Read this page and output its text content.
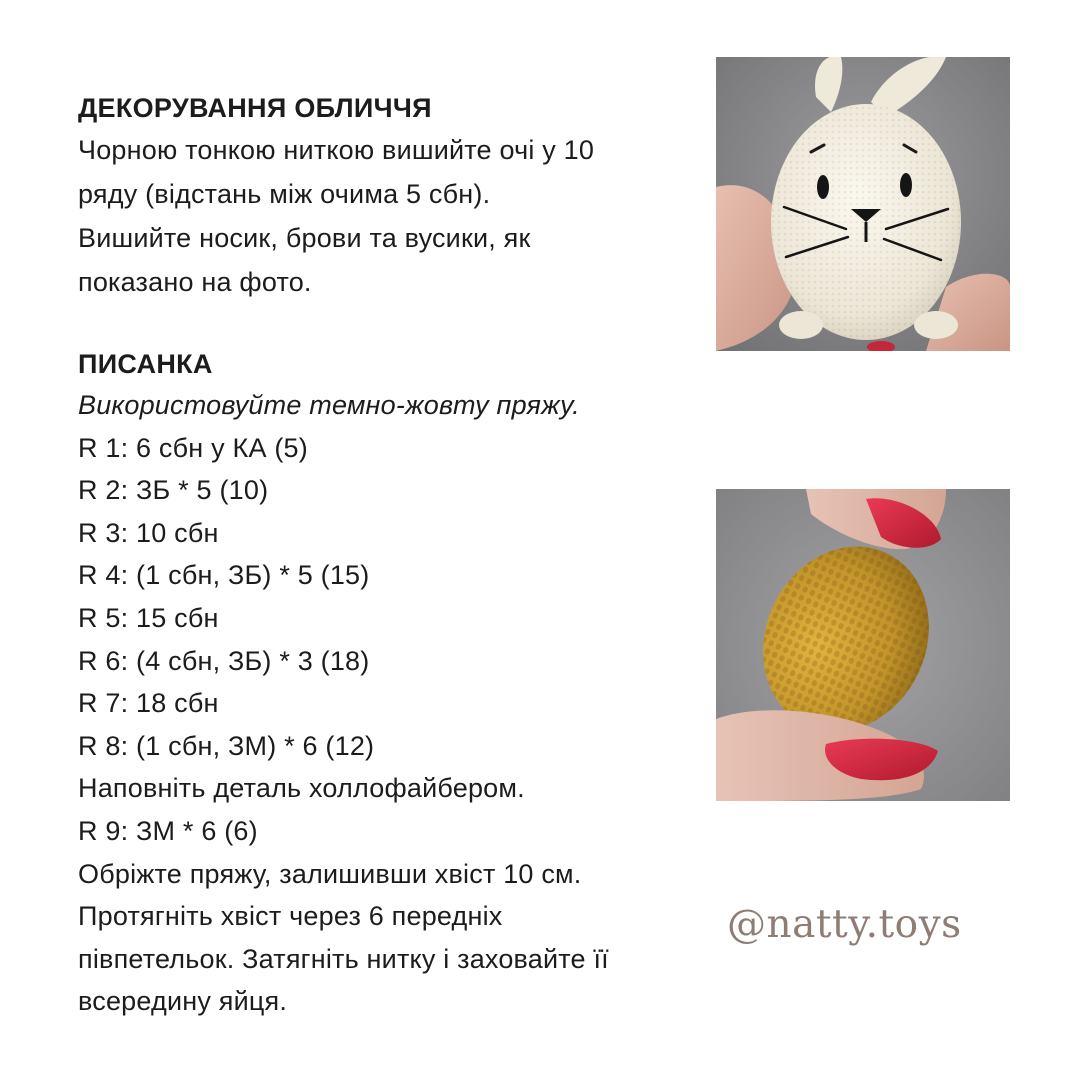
ДЕКОРУВАННЯ ОБЛИЧЧЯ

Чорною тонкою ниткою вишийте очі у 10
ряду (відстань між очима 5 сбн).
Вишийте носик, брови та вусики, як
показано на фото.

ПИСАНКА
Використовуйте темно-жовту пряжу.
R 1: 6 сбн у КА (5)
R 2: ЗБ * 5 (10)
R 3: 10 сбн
R 4: (1 сбн, ЗБ) * 5 (15)
R 5: 15 сбн
R 6: (4 сбн, ЗБ) * 3 (18)
R 7: 18 сбн
R 8: (1 сбн, ЗМ) * 6 (12)
Наповніть деталь холлофайбером.
R 9: ЗМ * 6 (6)
Обріжте пряжу, залишивши хвіст 10 см.
Протягніть хвіст через 6 передніх
півпетельок. Затягніть нитку і заховайте її
всередину яйця.
@natty.toys
